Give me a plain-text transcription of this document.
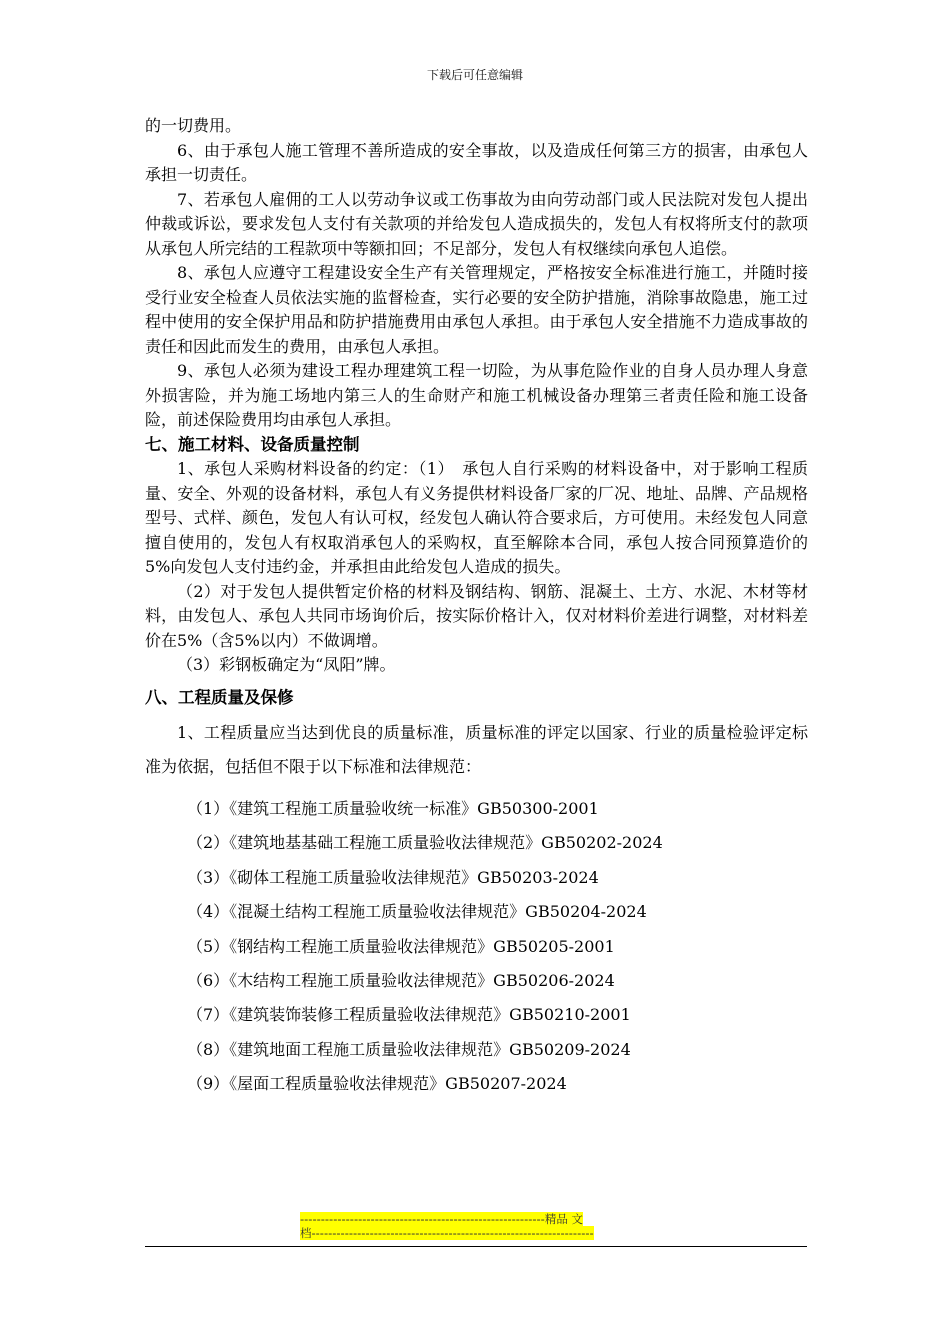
下载后可任意编辑

的一切费用。

6、由于承包人施工管理不善所造成的安全事故，以及造成任何第三方的损害，由承包人承担一切责任。

7、若承包人雇佣的工人以劳动争议或工伤事故为由向劳动部门或人民法院对发包人提出仲裁或诉讼，要求发包人支付有关款项的并给发包人造成损失的，发包人有权将所支付的款项从承包人所完结的工程款项中等额扣回；不足部分，发包人有权继续向承包人追偿。

8、承包人应遵守工程建设安全生产有关管理规定，严格按安全标准进行施工，并随时接受行业安全检查人员依法实施的监督检查，实行必要的安全防护措施，消除事故隐患，施工过程中使用的安全保护用品和防护措施费用由承包人承担。由于承包人安全措施不力造成事故的责任和因此而发生的费用，由承包人承担。

9、承包人必须为建设工程办理建筑工程一切险，为从事危险作业的自身人员办理人身意外损害险，并为施工场地内第三人的生命财产和施工机械设备办理第三者责任险和施工设备险，前述保险费用均由承包人承担。

七、施工材料、设备质量控制

1、承包人采购材料设备的约定：（1）　承包人自行采购的材料设备中，对于影响工程质量、安全、外观的设备材料，承包人有义务提供材料设备厂家的厂况、地址、品牌、产品规格型号、式样、颜色，发包人有认可权，经发包人确认符合要求后，方可使用。未经发包人同意擅自使用的，发包人有权取消承包人的采购权，直至解除本合同，承包人按合同预算造价的5%向发包人支付违约金，并承担由此给发包人造成的损失。

（2）对于发包人提供暂定价格的材料及钢结构、钢筋、混凝土、土方、水泥、木材等材料，由发包人、承包人共同市场询价后，按实际价格计入，仅对材料价差进行调整，对材料差价在5%（含5%以内）不做调增。

（3）彩钢板确定为“凤阳”牌。

八、工程质量及保修

1、工程质量应当达到优良的质量标准，质量标准的评定以国家、行业的质量检验评定标准为依据，包括但不限于以下标准和法律规范：

（1）《建筑工程施工质量验收统一标准》GB50300-2001
（2）《建筑地基基础工程施工质量验收法律规范》GB50202-2024
（3）《砌体工程施工质量验收法律规范》GB50203-2024
（4）《混凝土结构工程施工质量验收法律规范》GB50204-2024
（5）《钢结构工程施工质量验收法律规范》GB50205-2001
（6）《木结构工程施工质量验收法律规范》GB50206-2024
（7）《建筑装饰装修工程质量验收法律规范》GB50210-2001
（8）《建筑地面工程施工质量验收法律规范》GB50209-2024
（9）《屋面工程质量验收法律规范》GB50207-2024
-----------------------------------------------------------精品 文
档--------------------------------------------------------------------
